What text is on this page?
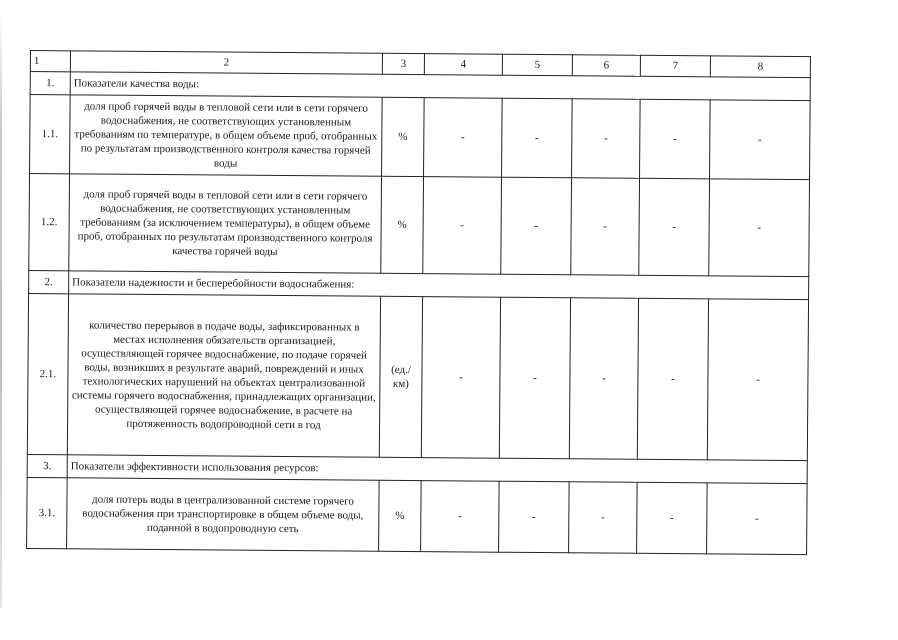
1	2	3	4	5	6	7	8
1.	Показатели качества воды:						
1.1.	доля проб горячей воды в тепловой сети или в сети горячего водоснабжения, не соответствующих установленным требованиям по температуре, в общем объеме проб, отобранных по результатам производственного контроля качества горячей воды	%	-	-	-	-	-
1.2.	доля проб горячей воды в тепловой сети или в сети горячего водоснабжения, не соответствующих установленным требованиям (за исключением температуры), в общем объеме проб, отобранных по результатам производственного контроля качества горячей воды	%	-	-	-	-	-
2.	Показатели надежности и бесперебойности водоснабжения:						
2.1.	количество перерывов в подаче воды, зафиксированных в местах исполнения обязательств организацией, осуществляющей горячее водоснабжение, по подаче горячей воды, возникших в результате аварий, повреждений и иных технологических нарушений на объектах централизованной системы горячего водоснабжения, принадлежащих организации, осуществляющей горячее водоснабжение, в расчете на протяженность водопроводной сети в год	(ед./км)	-	-	-	-	-
3.	Показатели эффективности использования ресурсов:						
3.1.	доля потерь воды в централизованной системе горячего водоснабжения при транспортировке в общем объеме воды, поданной в водопроводную сеть	%	-	-	-	-	-
